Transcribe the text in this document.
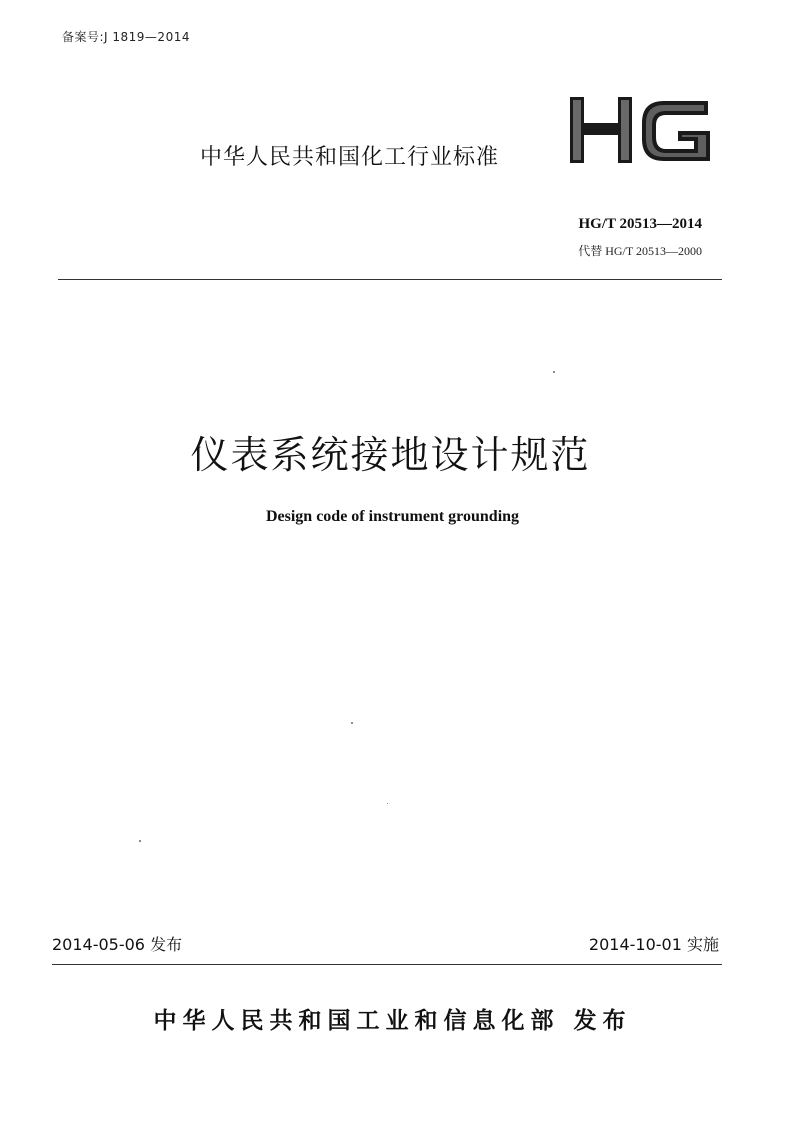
备案号:J 1819—2014
中华人民共和国化工行业标准
HG/T 20513—2014
代替 HG/T 20513—2000
仪表系统接地设计规范
Design code of instrument grounding
2014-05-06 发布	2014-10-01 实施
中华人民共和国工业和信息化部 发布
